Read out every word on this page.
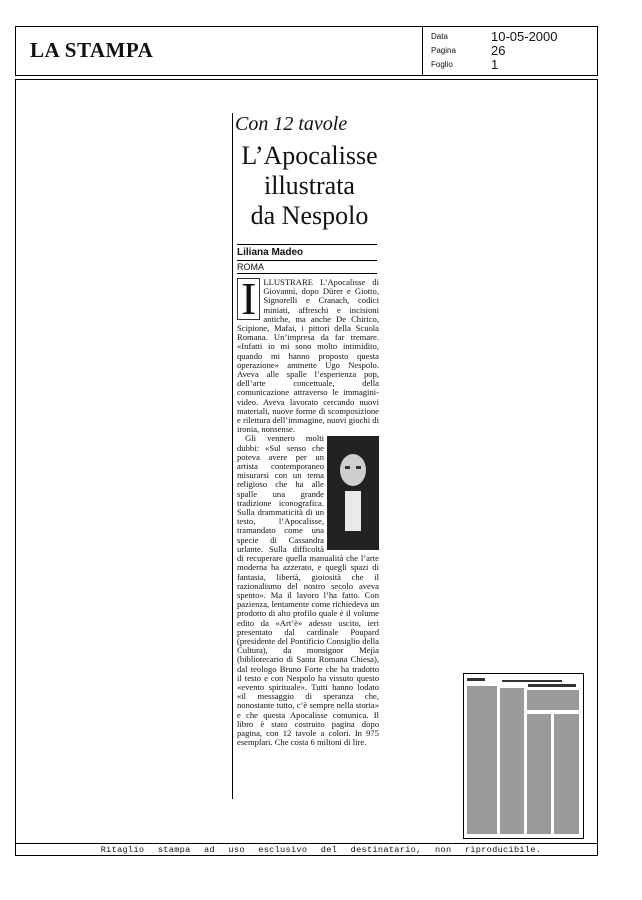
LA STAMPA
Data	10-05-2000
Pagina	26
Foglio	1
Con 12 tavole
L’Apocalisse
illustrata
da Nespolo
Liliana Madeo
ROMA
I LLUSTRARE L’Apocalisse di Giovanni, dopo Dürer e Giotto, Signorelli e Cranach, codici miniati, affreschi e incisioni antiche, ma anche De Chirico, Scipione, Mafai, i pittori della Scuola Romana. Un’impresa da far tremare. «Infatti io mi sono molto intimidito, quando mi hanno proposto questa operazione» ammette Ugo Nespolo. Aveva alle spalle l’esperienza pop, dell’arte concettuale, della comunicazione attraverso le immagini-video. Aveva lavorato cercando nuovi materiali, nuove forme di scomposizione e rilettura dell’immagine, nuovi giochi di ironia, nonsense.

Gli vennero molti dubbi: «Sul senso che poteva avere per un artista contemporaneo misurarsi con un tema religioso che ha alle spalle una grande tradizione iconografica. Sulla drammaticità di un testo, l’Apocalisse, tramandato come una specie di Cassandra urlante. Sulla difficoltà di recuperare quella manualità che l’arte moderna ha azzerato, e quegli spazi di fantasia, libertà, gioiosità che il razionalismo del nostro secolo aveva spento». Ma il lavoro l’ha fatto. Con pazienza, lentamente come richiedeva un prodotto di alto profilo quale è il volume edito da «Art’è» adesso uscito, ieri presentato dal cardinale Poupard (presidente del Pontificio Consiglio della Cultura), da monsignor Mejìa (bibliotecario di Santa Romana Chiesa), dal teologo Bruno Forte che ha tradotto il testo e con Nespolo ha vissuto questo «evento spirituale». Tutti hanno lodato «il messaggio di speranza che, nonostante tutto, c’è sempre nella storia» e che questa Apocalisse comunica. Il libro è stato costruito pagina dopo pagina, con 12 tavole a colori. In 975 esemplari. Che costa 6 milioni di lire.

Ritaglio stampa ad uso esclusivo del destinatario, non riproducibile.
